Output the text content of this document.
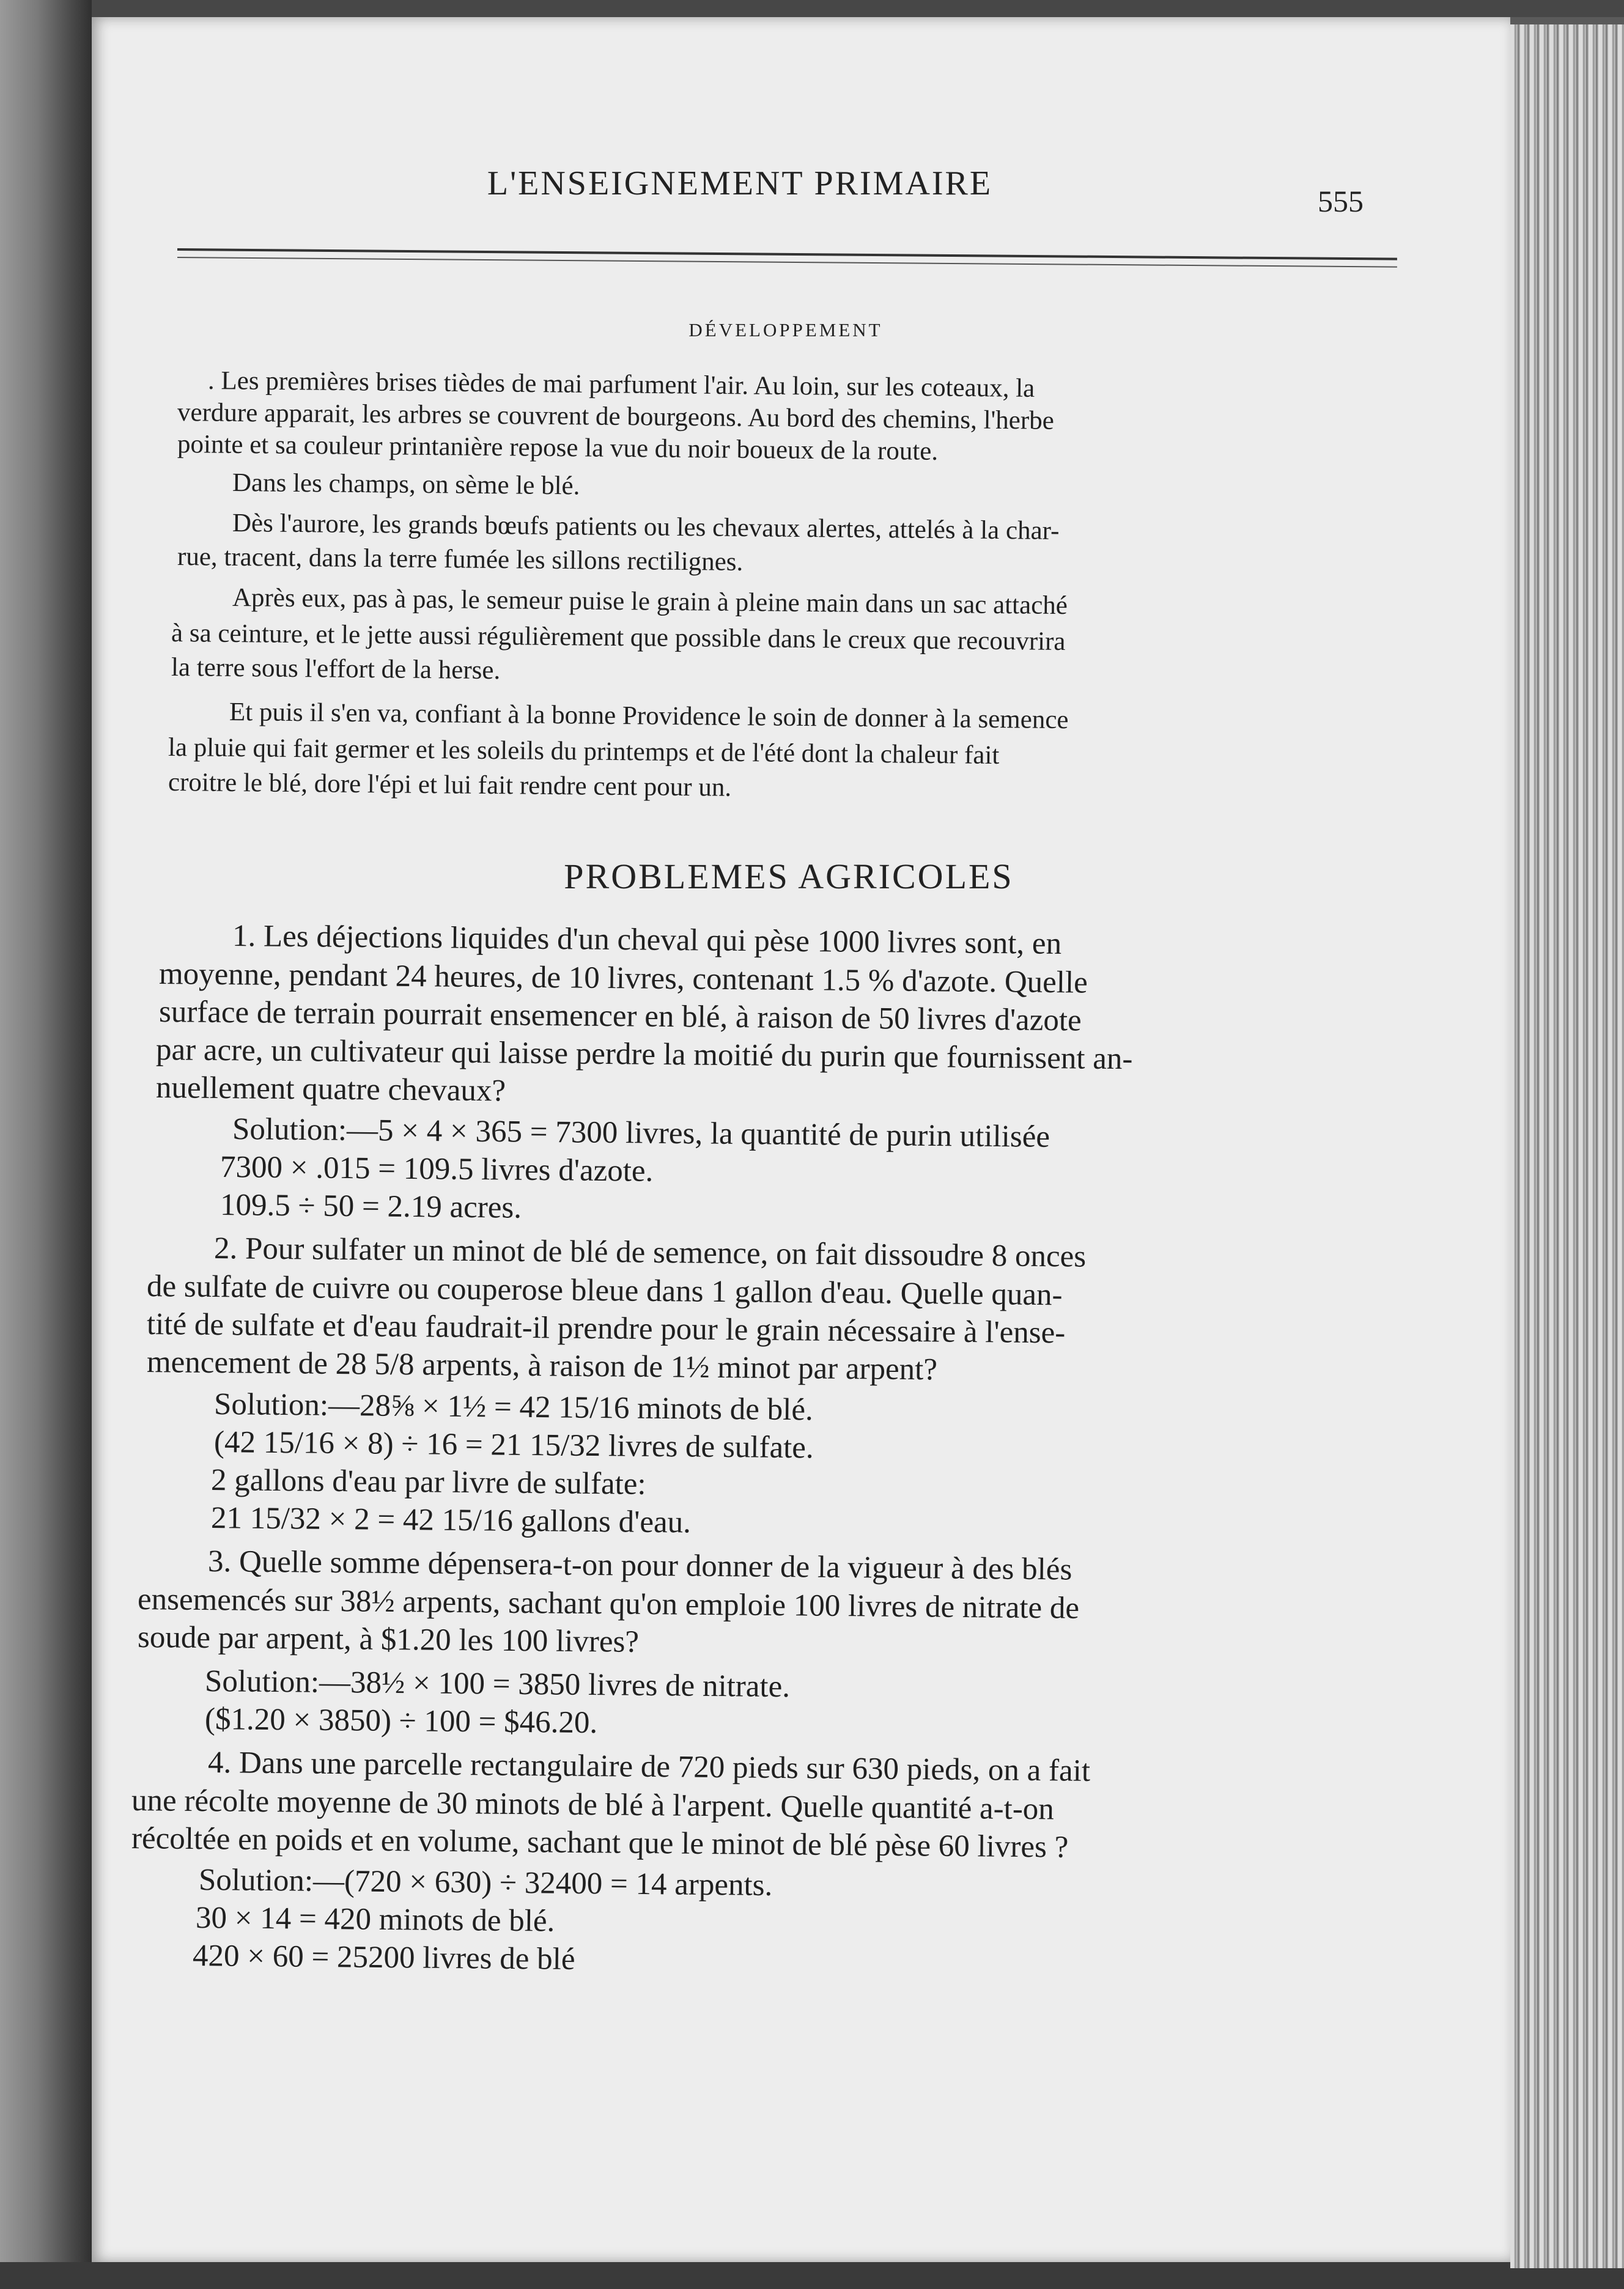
L'ENSEIGNEMENT PRIMAIRE	555
DÉVELOPPEMENT
. Les premières brises tièdes de mai parfument l'air. Au loin, sur les coteaux, la
verdure apparait, les arbres se couvrent de bourgeons. Au bord des chemins, l'herbe
pointe et sa couleur printanière repose la vue du noir boueux de la route.
Dans les champs, on sème le blé.
Dès l'aurore, les grands bœufs patients ou les chevaux alertes, attelés à la char-
rue, tracent, dans la terre fumée les sillons rectilignes.
Après eux, pas à pas, le semeur puise le grain à pleine main dans un sac attaché
à sa ceinture, et le jette aussi régulièrement que possible dans le creux que recouvrira
la terre sous l'effort de la herse.
Et puis il s'en va, confiant à la bonne Providence le soin de donner à la semence
la pluie qui fait germer et les soleils du printemps et de l'été dont la chaleur fait
croitre le blé, dore l'épi et lui fait rendre cent pour un.
PROBLEMES AGRICOLES
1. Les déjections liquides d'un cheval qui pèse 1000 livres sont, en
moyenne, pendant 24 heures, de 10 livres, contenant 1.5 % d'azote. Quelle
surface de terrain pourrait ensemencer en blé, à raison de 50 livres d'azote
par acre, un cultivateur qui laisse perdre la moitié du purin que fournissent an-
nuellement quatre chevaux?
Solution:—5 × 4 × 365 = 7300 livres, la quantité de purin utilisée
7300 × .015 = 109.5 livres d'azote.
109.5 ÷ 50 = 2.19 acres.
2. Pour sulfater un minot de blé de semence, on fait dissoudre 8 onces
de sulfate de cuivre ou couperose bleue dans 1 gallon d'eau. Quelle quan-
tité de sulfate et d'eau faudrait-il prendre pour le grain nécessaire à l'ense-
mencement de 28 5/8 arpents, à raison de 1½ minot par arpent?
Solution:—28⅝ × 1½ = 42 15/16 minots de blé.
(42 15/16 × 8) ÷ 16 = 21 15/32 livres de sulfate.
2 gallons d'eau par livre de sulfate:
21 15/32 × 2 = 42 15/16 gallons d'eau.
3. Quelle somme dépensera-t-on pour donner de la vigueur à des blés
ensemencés sur 38½ arpents, sachant qu'on emploie 100 livres de nitrate de
soude par arpent, à $1.20 les 100 livres?
Solution:—38½ × 100 = 3850 livres de nitrate.
($1.20 × 3850) ÷ 100 = $46.20.
4. Dans une parcelle rectangulaire de 720 pieds sur 630 pieds, on a fait
une récolte moyenne de 30 minots de blé à l'arpent. Quelle quantité a-t-on
récoltée en poids et en volume, sachant que le minot de blé pèse 60 livres ?
Solution:—(720 × 630) ÷ 32400 = 14 arpents.
30 × 14 = 420 minots de blé.
420 × 60 = 25200 livres de blé
